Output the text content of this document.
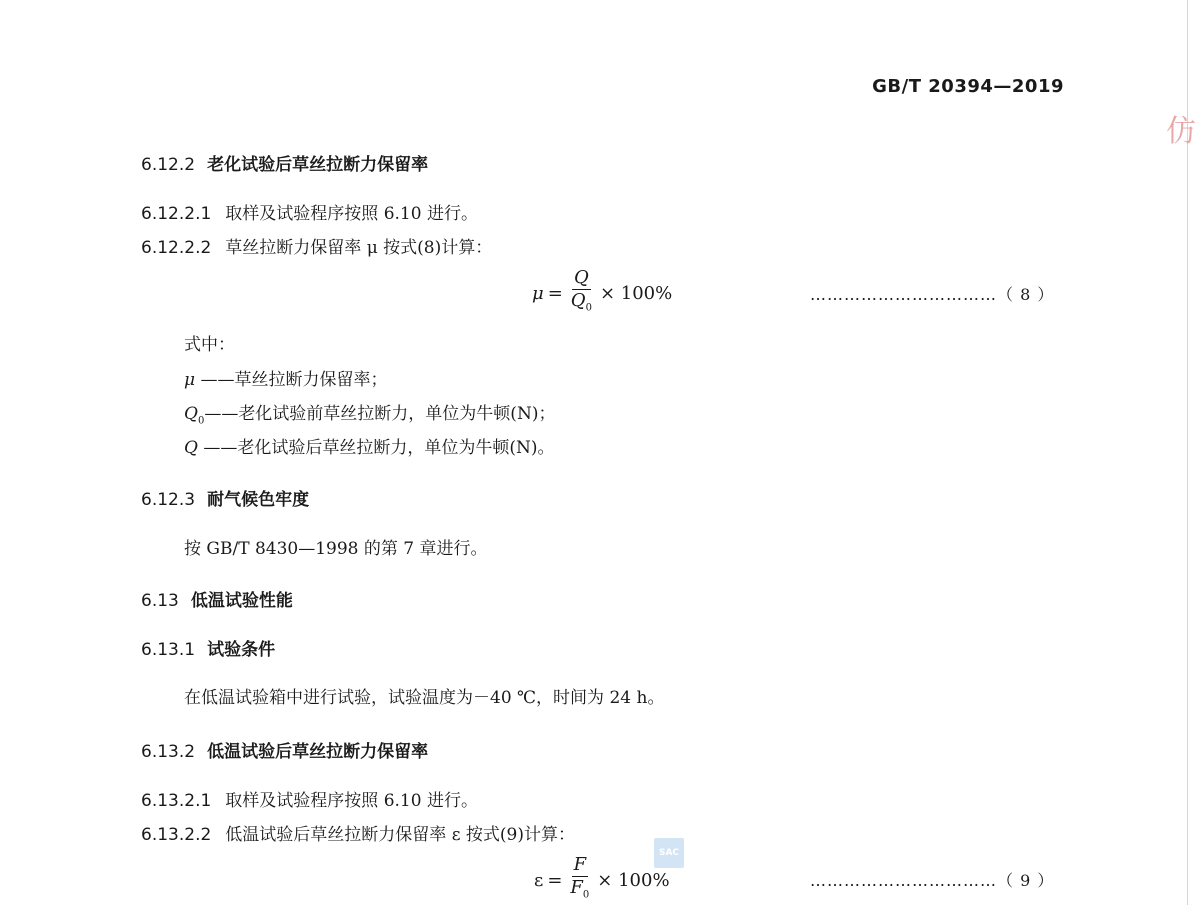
仿
GB/T 20394—2019
6.12.2 老化试验后草丝拉断力保留率
6.12.2.1 取样及试验程序按照 6.10 进行。
6.12.2.2 草丝拉断力保留率 μ 按式(8)计算：
$\mu = \frac{Q}{Q_0} \times 100\%$	……………………………（ 8 ）
式中：
μ ——草丝拉断力保留率；
$Q_0——$老化试验前草丝拉断力，单位为牛顿(N)；
Q ——老化试验后草丝拉断力，单位为牛顿(N)。
6.12.3 耐气候色牢度
按 GB/T 8430—1998 的第 7 章进行。
6.13 低温试验性能
6.13.1 试验条件
在低温试验箱中进行试验，试验温度为－40 ℃，时间为 24 h。
6.13.2 低温试验后草丝拉断力保留率
6.13.2.1 取样及试验程序按照 6.10 进行。
6.13.2.2 低温试验后草丝拉断力保留率 ε 按式(9)计算：
SAC
$\varepsilon = \frac{F}{F_0} \times 100\%$	……………………………（ 9 ）
